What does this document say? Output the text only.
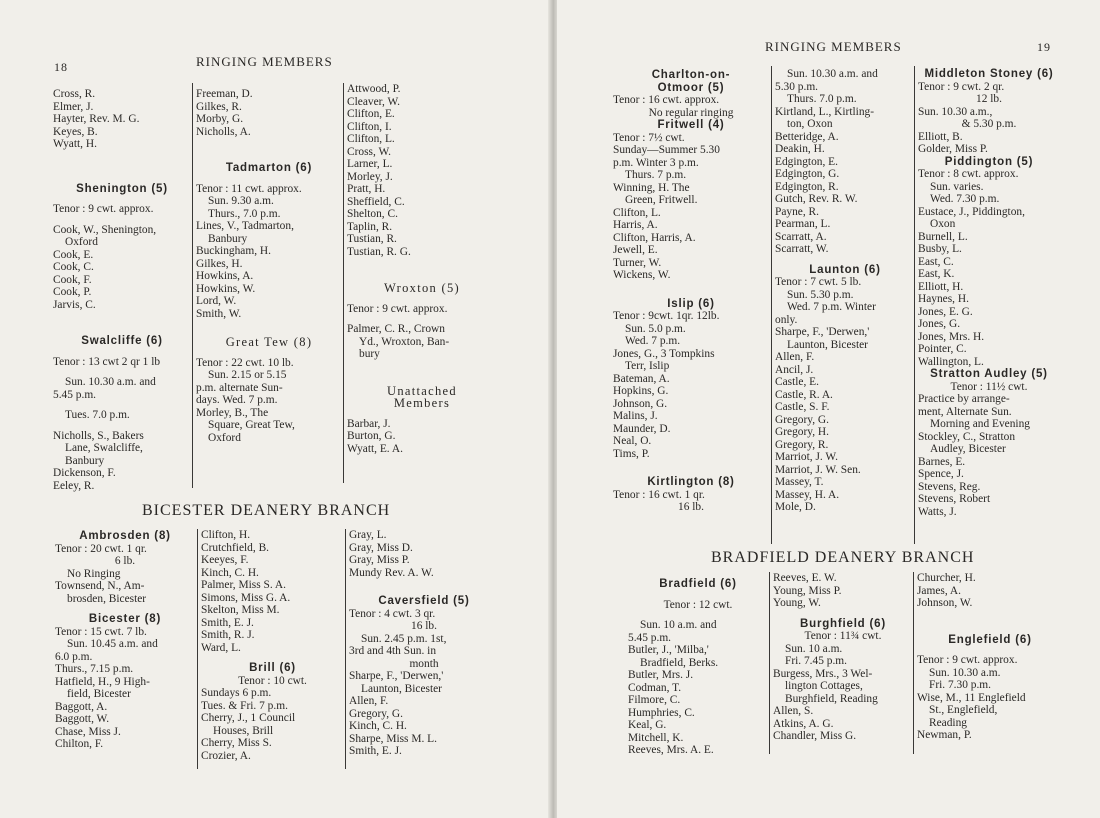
18	RINGING MEMBERS
Cross, R.
Elmer, J.
Hayter, Rev. M. G.
Keyes, B.
Wyatt, H.
Shenington (5)
Tenor : 9 cwt. approx.
Cook, W., Shenington,
Oxford
Cook, E.
Cook, C.
Cook, F.
Cook, P.
Jarvis, C.
Swalcliffe (6)
Tenor : 13 cwt 2 qr 1 lb
Sun. 10.30 a.m. and
5.45 p.m.
Tues. 7.0 p.m.
Nicholls, S., Bakers
Lane, Swalcliffe,
Banbury
Dickenson, F.
Eeley, R.
Freeman, D.
Gilkes, R.
Morby, G.
Nicholls, A.
Tadmarton (6)
Tenor : 11 cwt. approx.
Sun. 9.30 a.m.
Thurs., 7.0 p.m.
Lines, V., Tadmarton,
Banbury
Buckingham, H.
Gilkes, H.
Howkins, A.
Howkins, W.
Lord, W.
Smith, W.
Great Tew (8)
Tenor : 22 cwt. 10 lb.
Sun. 2.15 or 5.15
p.m. alternate Sun-
days. Wed. 7 p.m.
Morley, B., The
Square, Great Tew,
Oxford
Attwood, P.
Cleaver, W.
Clifton, E.
Clifton, I.
Clifton, L.
Cross, W.
Larner, L.
Morley, J.
Pratt, H.
Sheffield, C.
Shelton, C.
Taplin, R.
Tustian, R.
Tustian, R. G.
Wroxton (5)
Tenor : 9 cwt. approx.
Palmer, C. R., Crown
Yd., Wroxton, Ban-
bury
Unattached
Members
Barbar, J.
Burton, G.
Wyatt, E. A.
BICESTER DEANERY BRANCH
Ambrosden (8)
Tenor : 20 cwt. 1 qr.
6 lb.
No Ringing
Townsend, N., Am-
brosden, Bicester
Bicester (8)
Tenor : 15 cwt. 7 lb.
Sun. 10.45 a.m. and
6.0 p.m.
Thurs., 7.15 p.m.
Hatfield, H., 9 High-
field, Bicester
Baggott, A.
Baggott, W.
Chase, Miss J.
Chilton, F.
Clifton, H.
Crutchfield, B.
Keeyes, F.
Kinch, C. H.
Palmer, Miss S. A.
Simons, Miss G. A.
Skelton, Miss M.
Smith, E. J.
Smith, R. J.
Ward, L.
Brill (6)
Tenor : 10 cwt.
Sundays 6 p.m.
Tues. & Fri. 7 p.m.
Cherry, J., 1 Council
Houses, Brill
Cherry, Miss S.
Crozier, A.
Gray, L.
Gray, Miss D.
Gray, Miss P.
Mundy Rev. A. W.
Caversfield (5)
Tenor : 4 cwt. 3 qr.
16 lb.
Sun. 2.45 p.m. 1st,
3rd and 4th Sun. in
month
Sharpe, F., 'Derwen,'
Launton, Bicester
Allen, F.
Gregory, G.
Kinch, C. H.
Sharpe, Miss M. L.
Smith, E. J.
RINGING MEMBERS	19
Charlton-on-
Otmoor (5)
Tenor : 16 cwt. approx.
No regular ringing
Fritwell (4)
Tenor : 7½ cwt.
Sunday—Summer 5.30
p.m. Winter 3 p.m.
Thurs. 7 p.m.
Winning, H. The
Green, Fritwell.
Clifton, L.
Harris, A.
Clifton, Harris, A.
Jewell, E.
Turner, W.
Wickens, W.
Islip (6)
Tenor : 9cwt. 1qr. 12lb.
Sun. 5.0 p.m.
Wed. 7 p.m.
Jones, G., 3 Tompkins
Terr, Islip
Bateman, A.
Hopkins, G.
Johnson, G.
Malins, J.
Maunder, D.
Neal, O.
Tims, P.
Kirtlington (8)
Tenor : 16 cwt. 1 qr.
16 lb.
Sun. 10.30 a.m. and
5.30 p.m.
Thurs. 7.0 p.m.
Kirtland, L., Kirtling-
ton, Oxon
Betteridge, A.
Deakin, H.
Edgington, E.
Edgington, G.
Edgington, R.
Gutch, Rev. R. W.
Payne, R.
Pearman, L.
Scarratt, A.
Scarratt, W.
Launton (6)
Tenor : 7 cwt. 5 lb.
Sun. 5.30 p.m.
Wed. 7 p.m. Winter
only.
Sharpe, F., 'Derwen,'
Launton, Bicester
Allen, F.
Ancil, J.
Castle, E.
Castle, R. A.
Castle, S. F.
Gregory, G.
Gregory, H.
Gregory, R.
Marriot, J. W.
Marriot, J. W. Sen.
Massey, T.
Massey, H. A.
Mole, D.
Middleton Stoney (6)
Tenor : 9 cwt. 2 qr.
12 lb.
Sun. 10.30 a.m.,
& 5.30 p.m.
Elliott, B.
Golder, Miss P.
Piddington (5)
Tenor : 8 cwt. approx.
Sun. varies.
Wed. 7.30 p.m.
Eustace, J., Piddington,
Oxon
Burnell, L.
Busby, L.
East, C.
East, K.
Elliott, H.
Haynes, H.
Jones, E. G.
Jones, G.
Jones, Mrs. H.
Pointer, C.
Wallington, L.
Stratton Audley (5)
Tenor : 11½ cwt.
Practice by arrange-
ment, Alternate Sun.
Morning and Evening
Stockley, C., Stratton
Audley, Bicester
Barnes, E.
Spence, J.
Stevens, Reg.
Stevens, Robert
Watts, J.
BRADFIELD DEANERY BRANCH
Bradfield (6)
Tenor : 12 cwt.
Sun. 10 a.m. and
5.45 p.m.
Butler, J., 'Milba,'
Bradfield, Berks.
Butler, Mrs. J.
Codman, T.
Filmore, C.
Humphries, C.
Keal, G.
Mitchell, K.
Reeves, Mrs. A. E.
Reeves, E. W.
Young, Miss P.
Young, W.
Burghfield (6)
Tenor : 11¾ cwt.
Sun. 10 a.m.
Fri. 7.45 p.m.
Burgess, Mrs., 3 Wel-
lington Cottages,
Burghfield, Reading
Allen, S.
Atkins, A. G.
Chandler, Miss G.
Churcher, H.
James, A.
Johnson, W.
Englefield (6)
Tenor : 9 cwt. approx.
Sun. 10.30 a.m.
Fri. 7.30 p.m.
Wise, M., 11 Englefield
St., Englefield,
Reading
Newman, P.
